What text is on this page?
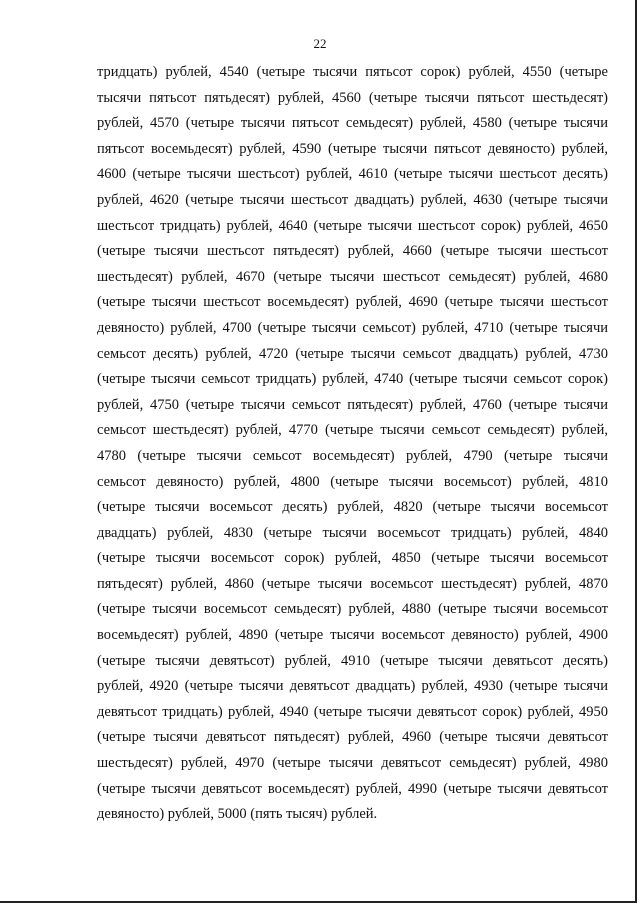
22
тридцать) рублей, 4540 (четыре тысячи пятьсот сорок) рублей, 4550 (четыре
тысячи пятьсот пятьдесят) рублей, 4560 (четыре тысячи пятьсот шестьдесят)
рублей, 4570 (четыре тысячи пятьсот семьдесят) рублей, 4580 (четыре тысячи
пятьсот восемьдесят) рублей, 4590 (четыре тысячи пятьсот девяносто) рублей,
4600 (четыре тысячи шестьсот) рублей, 4610 (четыре тысячи шестьсот десять)
рублей, 4620 (четыре тысячи шестьсот двадцать) рублей, 4630 (четыре тысячи
шестьсот тридцать) рублей, 4640 (четыре тысячи шестьсот сорок) рублей, 4650
(четыре тысячи шестьсот пятьдесят) рублей, 4660 (четыре тысячи шестьсот
шестьдесят) рублей, 4670 (четыре тысячи шестьсот семьдесят) рублей, 4680
(четыре тысячи шестьсот восемьдесят) рублей, 4690 (четыре тысячи шестьсот
девяносто) рублей, 4700 (четыре тысячи семьсот) рублей, 4710 (четыре тысячи
семьсот десять) рублей, 4720 (четыре тысячи семьсот двадцать) рублей, 4730
(четыре тысячи семьсот тридцать) рублей, 4740 (четыре тысячи семьсот сорок)
рублей, 4750 (четыре тысячи семьсот пятьдесят) рублей, 4760 (четыре тысячи
семьсот шестьдесят) рублей, 4770 (четыре тысячи семьсот семьдесят) рублей,
4780 (четыре тысячи семьсот восемьдесят) рублей, 4790 (четыре тысячи
семьсот девяносто) рублей, 4800 (четыре тысячи восемьсот) рублей, 4810
(четыре тысячи восемьсот десять) рублей, 4820 (четыре тысячи восемьсот
двадцать) рублей, 4830 (четыре тысячи восемьсот тридцать) рублей, 4840
(четыре тысячи восемьсот сорок) рублей, 4850 (четыре тысячи восемьсот
пятьдесят) рублей, 4860 (четыре тысячи восемьсот шестьдесят) рублей, 4870
(четыре тысячи восемьсот семьдесят) рублей, 4880 (четыре тысячи восемьсот
восемьдесят) рублей, 4890 (четыре тысячи восемьсот девяносто) рублей, 4900
(четыре тысячи девятьсот) рублей, 4910 (четыре тысячи девятьсот десять)
рублей, 4920 (четыре тысячи девятьсот двадцать) рублей, 4930 (четыре тысячи
девятьсот тридцать) рублей, 4940 (четыре тысячи девятьсот сорок) рублей, 4950
(четыре тысячи девятьсот пятьдесят) рублей, 4960 (четыре тысячи девятьсот
шестьдесят) рублей, 4970 (четыре тысячи девятьсот семьдесят) рублей, 4980
(четыре тысячи девятьсот восемьдесят) рублей, 4990 (четыре тысячи девятьсот
девяносто) рублей, 5000 (пять тысяч) рублей.
